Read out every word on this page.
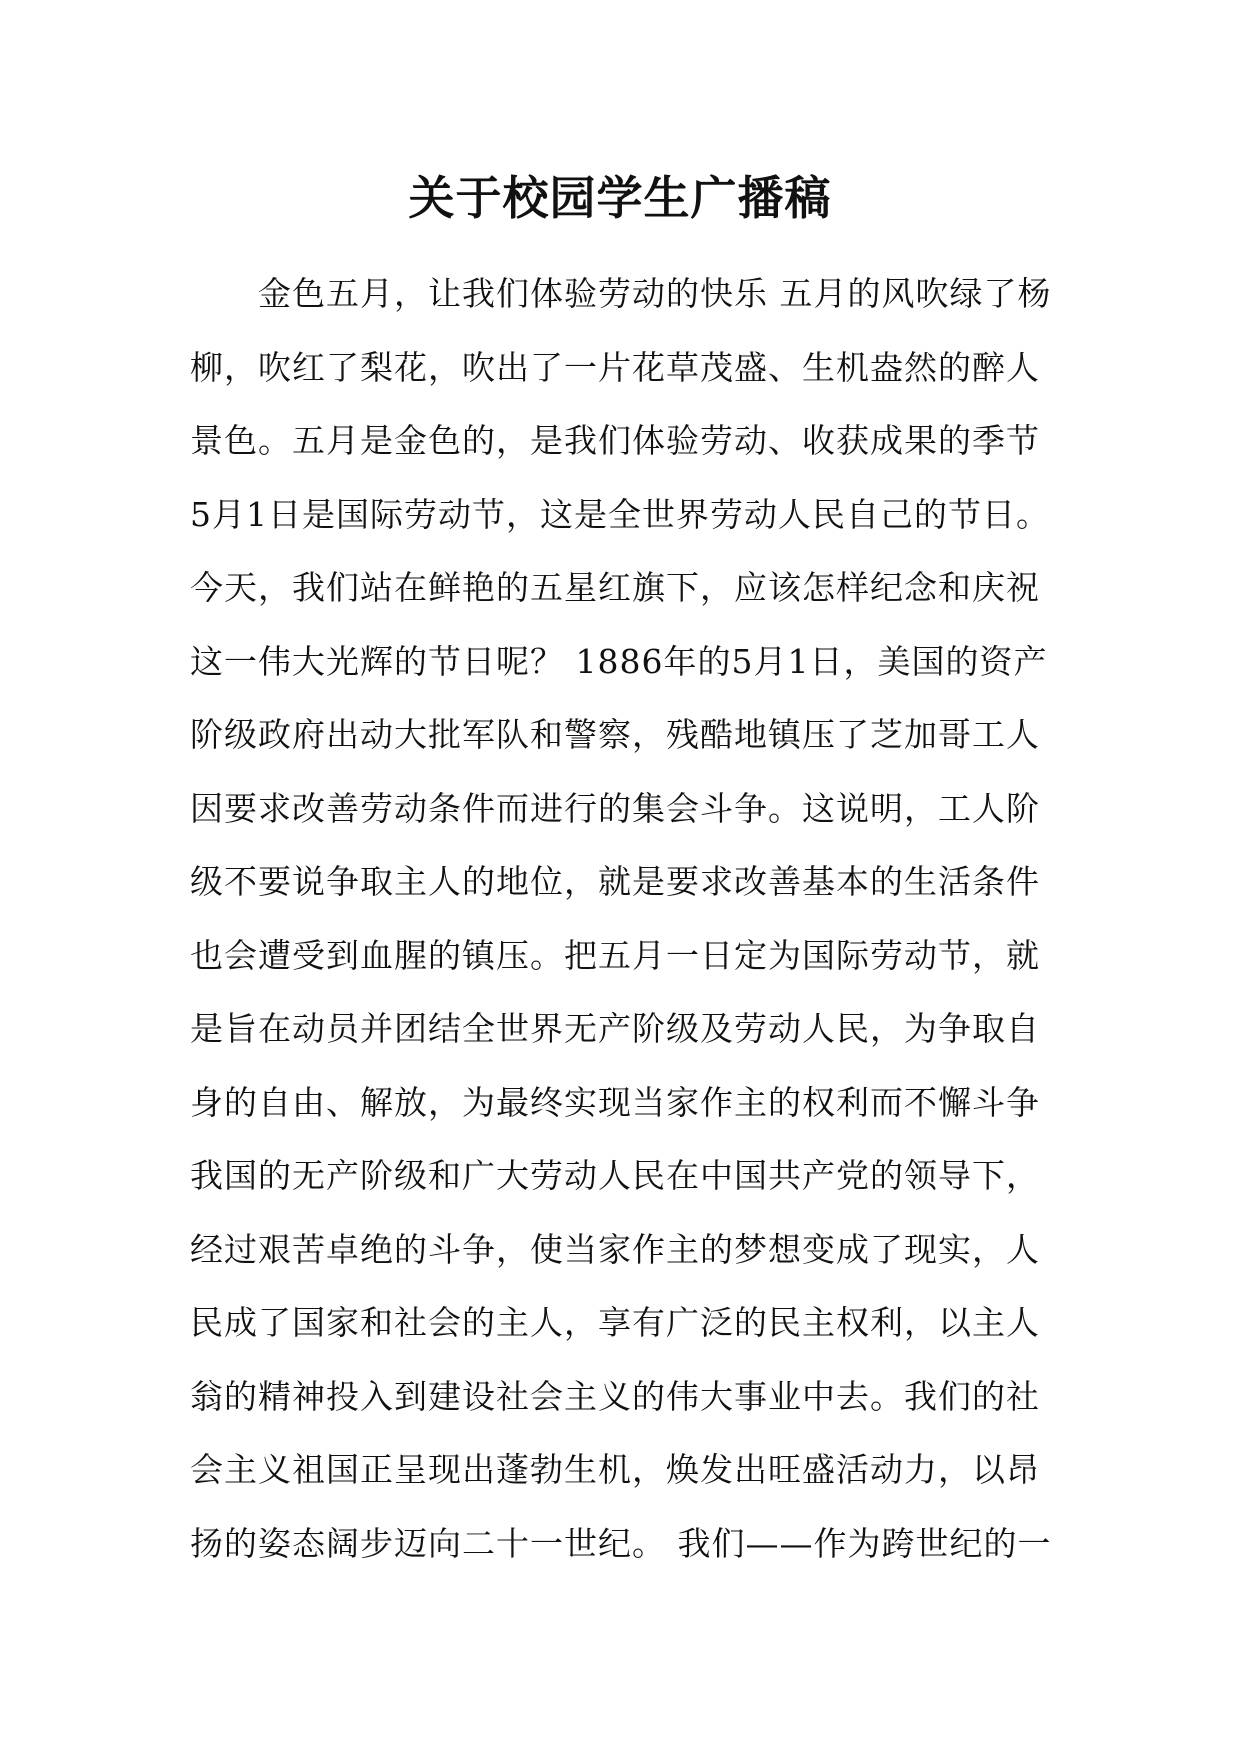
关于校园学生广播稿
　　金色五月，让我们体验劳动的快乐 五月的风吹绿了杨
柳，吹红了梨花，吹出了一片花草茂盛、生机盎然的醉人
景色。五月是金色的，是我们体验劳动、收获成果的季节
5月1日是国际劳动节，这是全世界劳动人民自己的节日。
今天，我们站在鲜艳的五星红旗下，应该怎样纪念和庆祝
这一伟大光辉的节日呢？ 1886年的5月1日，美国的资产
阶级政府出动大批军队和警察，残酷地镇压了芝加哥工人
因要求改善劳动条件而进行的集会斗争。这说明，工人阶
级不要说争取主人的地位，就是要求改善基本的生活条件
也会遭受到血腥的镇压。把五月一日定为国际劳动节，就
是旨在动员并团结全世界无产阶级及劳动人民，为争取自
身的自由、解放，为最终实现当家作主的权利而不懈斗争
我国的无产阶级和广大劳动人民在中国共产党的领导下，
经过艰苦卓绝的斗争，使当家作主的梦想变成了现实，人
民成了国家和社会的主人，享有广泛的民主权利，以主人
翁的精神投入到建设社会主义的伟大事业中去。我们的社
会主义祖国正呈现出蓬勃生机，焕发出旺盛活动力，以昂
扬的姿态阔步迈向二十一世纪。 我们——作为跨世纪的一
